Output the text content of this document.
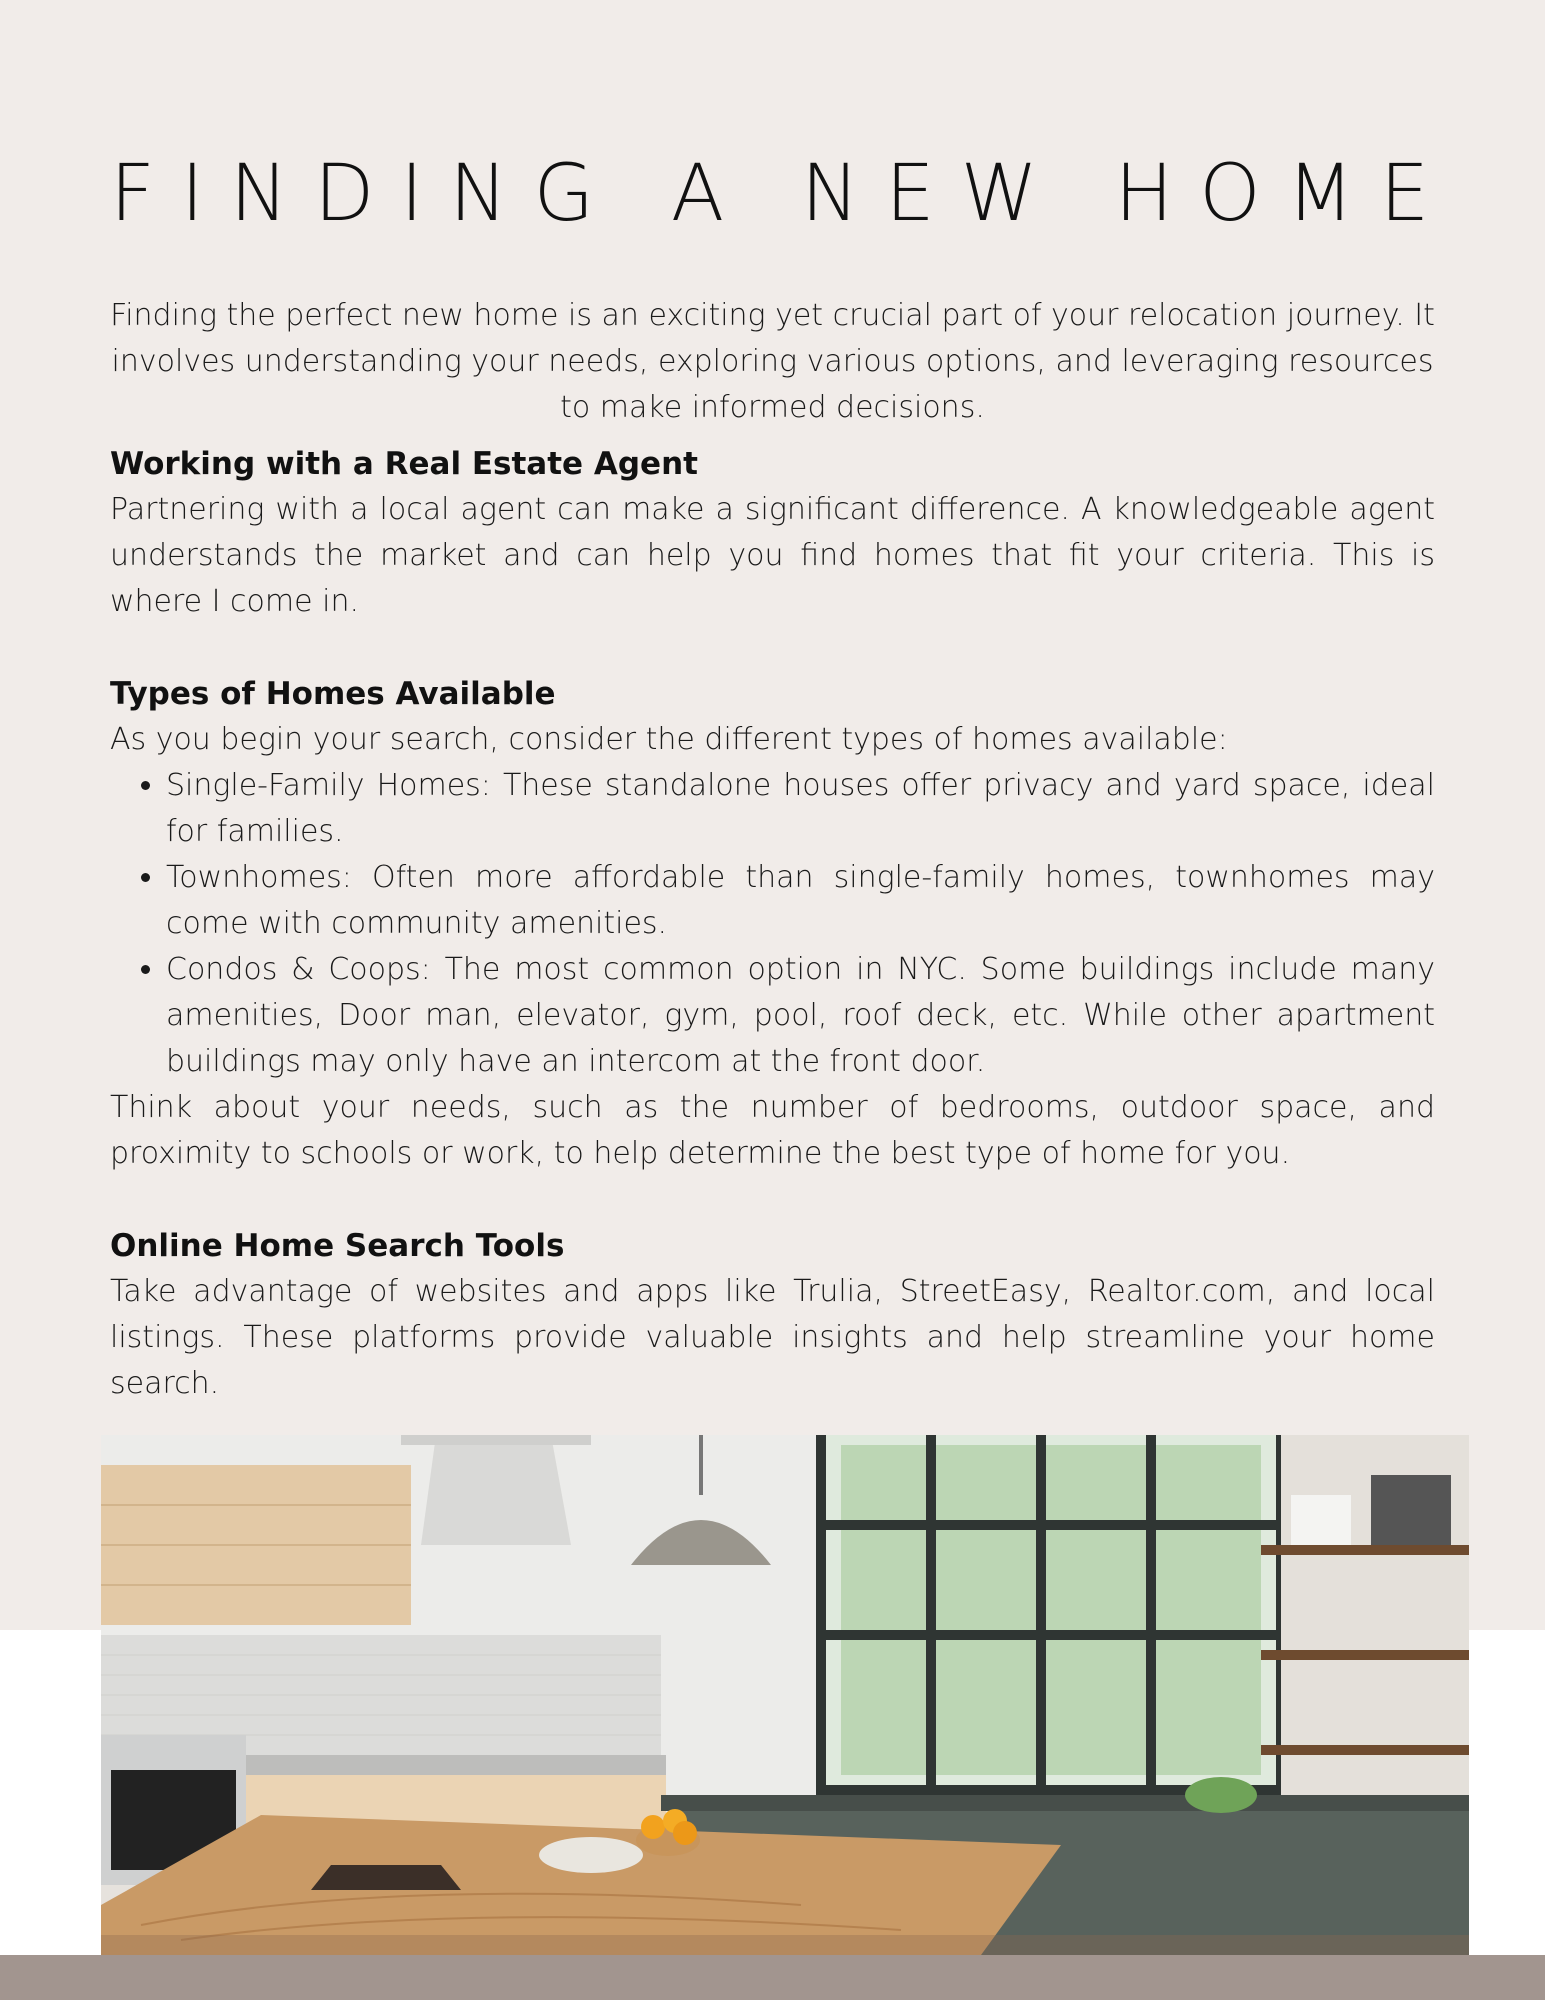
FINDING A NEW HOME

Finding the perfect new home is an exciting yet crucial part of your relocation journey. It involves understanding your needs, exploring various options, and leveraging resources to make informed decisions.

Working with a Real Estate Agent

Partnering with a local agent can make a significant difference. A knowledgeable agent understands the market and can help you find homes that fit your criteria. This is where I come in.

Types of Homes Available

As you begin your search, consider the different types of homes available:

• Single-Family Homes: These standalone houses offer privacy and yard space, ideal for families.
• Townhomes: Often more affordable than single-family homes, townhomes may come with community amenities.
• Condos & Coops: The most common option in NYC. Some buildings include many amenities, Door man, elevator, gym, pool, roof deck, etc. While other apartment buildings may only have an intercom at the front door.

Think about your needs, such as the number of bedrooms, outdoor space, and proximity to schools or work, to help determine the best type of home for you.

Online Home Search Tools

Take advantage of websites and apps like Trulia, StreetEasy, Realtor.com, and local listings. These platforms provide valuable insights and help streamline your home search.
